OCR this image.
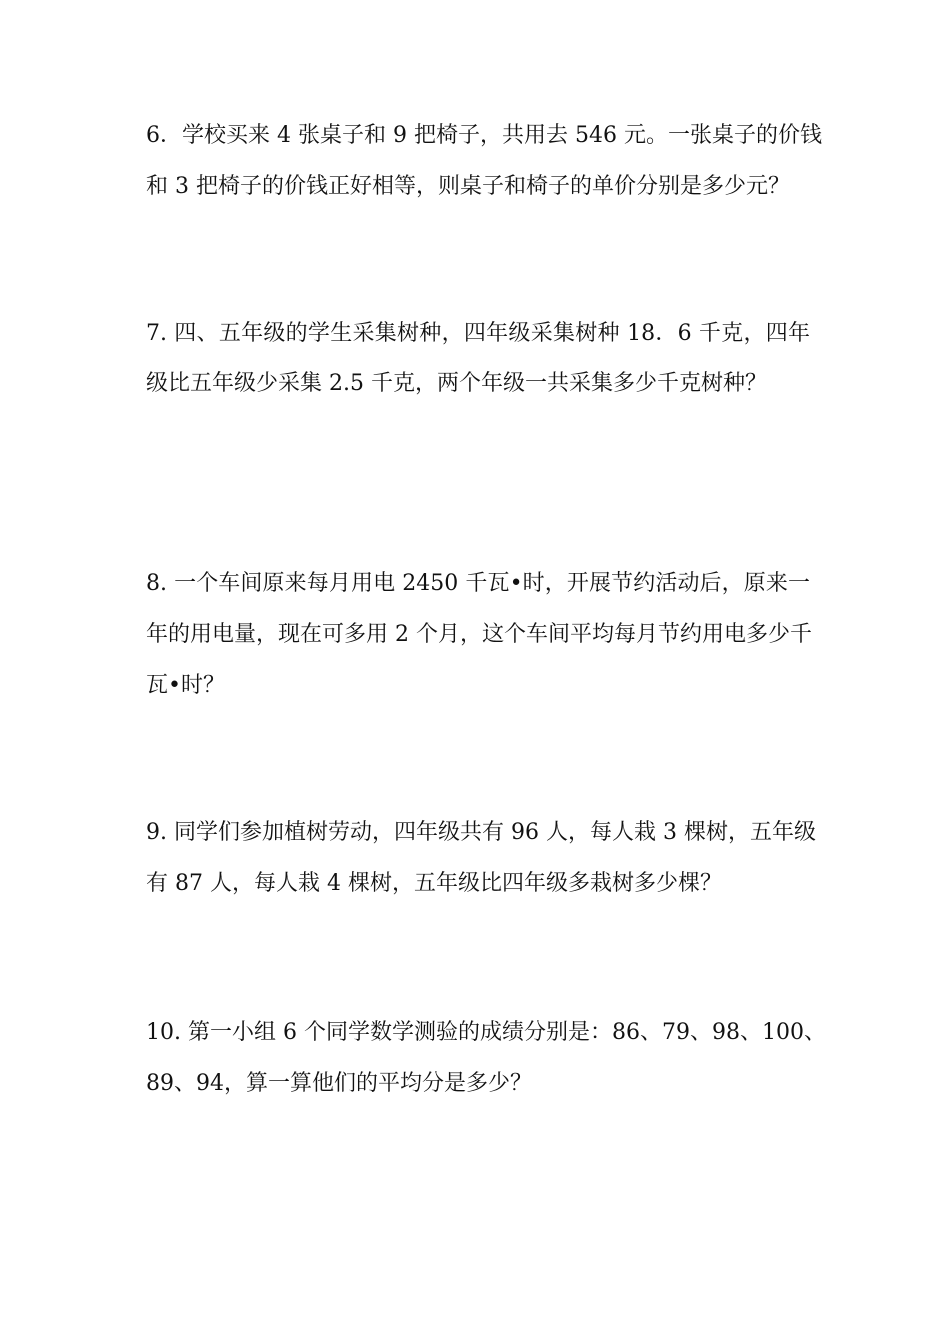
6．学校买来 4 张桌子和 9 把椅子，共用去 546 元。一张桌子的价钱
和 3 把椅子的价钱正好相等，则桌子和椅子的单价分别是多少元？
7. 四、五年级的学生采集树种，四年级采集树种 18．6 千克，四年
级比五年级少采集 2.5 千克，两个年级一共采集多少千克树种？
8. 一个车间原来每月用电 2450 千瓦•时，开展节约活动后，原来一
年的用电量，现在可多用 2 个月，这个车间平均每月节约用电多少千
瓦•时？
9. 同学们参加植树劳动，四年级共有 96 人，每人栽 3 棵树，五年级
有 87 人，每人栽 4 棵树，五年级比四年级多栽树多少棵？
10. 第一小组 6 个同学数学测验的成绩分别是：86、79、98、100、
89、94，算一算他们的平均分是多少？
